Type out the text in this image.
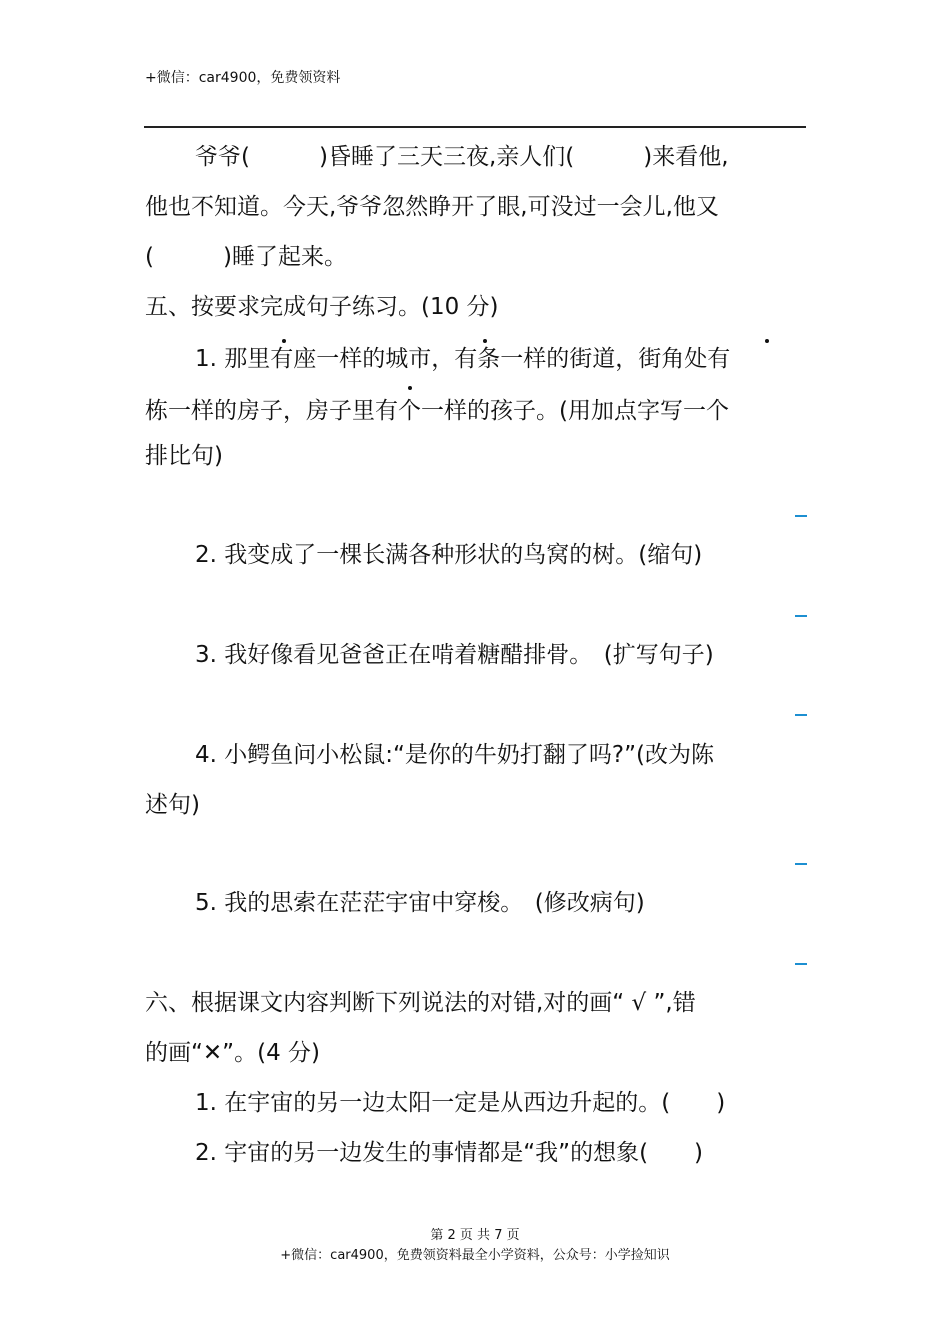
+微信：car4900，免费领资料
爷爷(　　　)昏睡了三天三夜,亲人们(　　　)来看他,
他也不知道。今天,爷爷忽然睁开了眼,可没过一会儿,他又
(　　　)睡了起来。
五、按要求完成句子练习。(10 分)
1. 那里有座一样的城市，有条一样的街道，街角处有
栋一样的房子，房子里有个一样的孩子。(用加点字写一个
排比句)
2. 我变成了一棵长满各种形状的鸟窝的树。(缩句)
3. 我好像看见爸爸正在啃着糖醋排骨。　(扩写句子)
4. 小鳄鱼问小松鼠:“是你的牛奶打翻了吗?”(改为陈
述句)
5. 我的思索在茫茫宇宙中穿梭。　(修改病句)
六、根据课文内容判断下列说法的对错,对的画“ √ ”,错
的画“✕”。(4 分)
1. 在宇宙的另一边太阳一定是从西边升起的。(　　)
2. 宇宙的另一边发生的事情都是“我”的想象(　　)
第 2 页 共 7 页
+微信：car4900，免费领资料最全小学资料，公众号：小学捡知识
